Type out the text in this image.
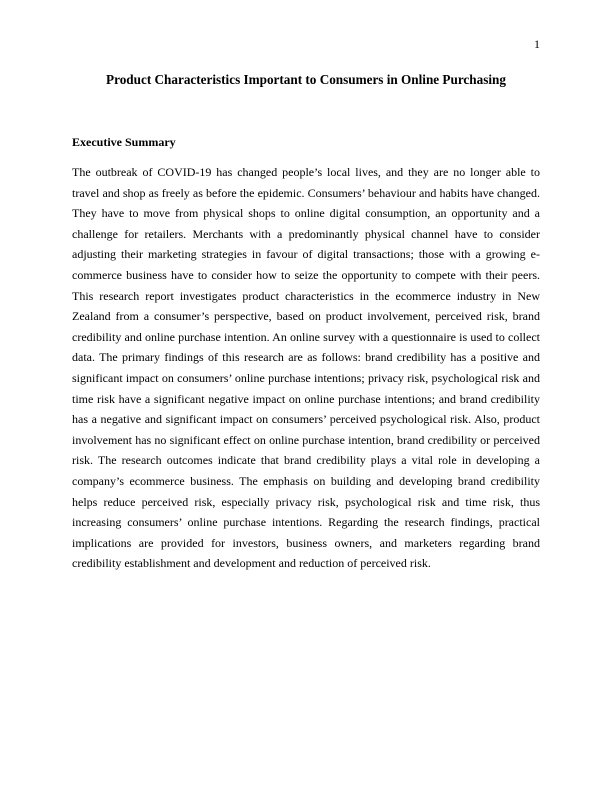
1
Product Characteristics Important to Consumers in Online Purchasing
Executive Summary

The outbreak of COVID-19 has changed people’s local lives, and they are no longer able to travel and shop as freely as before the epidemic. Consumers’ behaviour and habits have changed. They have to move from physical shops to online digital consumption, an opportunity and a challenge for retailers. Merchants with a predominantly physical channel have to consider adjusting their marketing strategies in favour of digital transactions; those with a growing e-commerce business have to consider how to seize the opportunity to compete with their peers. This research report investigates product characteristics in the ecommerce industry in New Zealand from a consumer’s perspective, based on product involvement, perceived risk, brand credibility and online purchase intention. An online survey with a questionnaire is used to collect data. The primary findings of this research are as follows: brand credibility has a positive and significant impact on consumers’ online purchase intentions; privacy risk, psychological risk and time risk have a significant negative impact on online purchase intentions; and brand credibility has a negative and significant impact on consumers’ perceived psychological risk. Also, product involvement has no significant effect on online purchase intention, brand credibility or perceived risk. The research outcomes indicate that brand credibility plays a vital role in developing a company’s ecommerce business. The emphasis on building and developing brand credibility helps reduce perceived risk, especially privacy risk, psychological risk and time risk, thus increasing consumers’ online purchase intentions. Regarding the research findings, practical implications are provided for investors, business owners, and marketers regarding brand credibility establishment and development and reduction of perceived risk.
